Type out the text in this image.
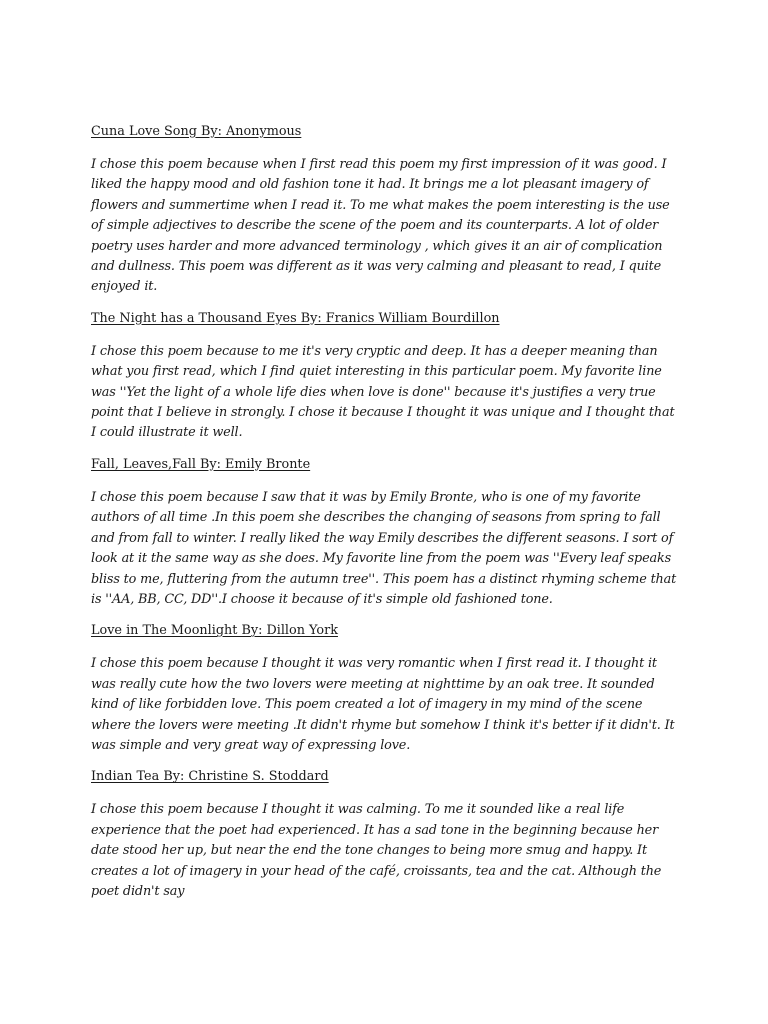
Cuna Love Song By: Anonymous

I chose this poem because when I first read this poem my first impression of it was good. I liked the happy mood and old fashion tone it had. It brings me a lot pleasant imagery of flowers and summertime when I read it. To me what makes the poem interesting is the use of simple adjectives to describe the scene of the poem and its counterparts. A lot of older poetry uses harder and more advanced terminology , which gives it an air of complication and dullness. This poem was different as it was very calming and pleasant to read, I quite enjoyed it.

The Night has a Thousand Eyes By: Franics William Bourdillon

I chose this poem because to me it's very cryptic and deep. It has a deeper meaning than what you first read, which I find quiet interesting in this particular poem. My favorite line was ''Yet the light of a whole life dies when love is done'' because it's justifies a very true point that I believe in strongly. I chose it because I thought it was unique and I thought that I could illustrate it well.

Fall, Leaves,Fall By: Emily Bronte

I chose this poem because I saw that it was by Emily Bronte, who is one of my favorite authors of all time .In this poem she describes the changing of seasons from spring to fall and from fall to winter. I really liked the way Emily describes the different seasons. I sort of look at it the same way as she does. My favorite line from the poem was ''Every leaf speaks bliss to me, fluttering from the autumn tree''. This poem has a distinct rhyming scheme that is ''AA, BB, CC, DD''.I choose it because of it's simple old fashioned tone.

Love in The Moonlight By: Dillon York

I chose this poem because I thought it was very romantic when I first read it. I thought it was really cute how the two lovers were meeting at nighttime by an oak tree. It sounded kind of like forbidden love. This poem created a lot of imagery in my mind of the scene where the lovers were meeting .It didn't rhyme but somehow I think it's better if it didn't. It was simple and very great way of expressing love.

Indian Tea By: Christine S. Stoddard

I chose this poem because I thought it was calming. To me it sounded like a real life experience that the poet had experienced. It has a sad tone in the beginning because her date stood her up, but near the end the tone changes to being more smug and happy. It creates a lot of imagery in your head of the café, croissants, tea and the cat. Although the poet didn't say
